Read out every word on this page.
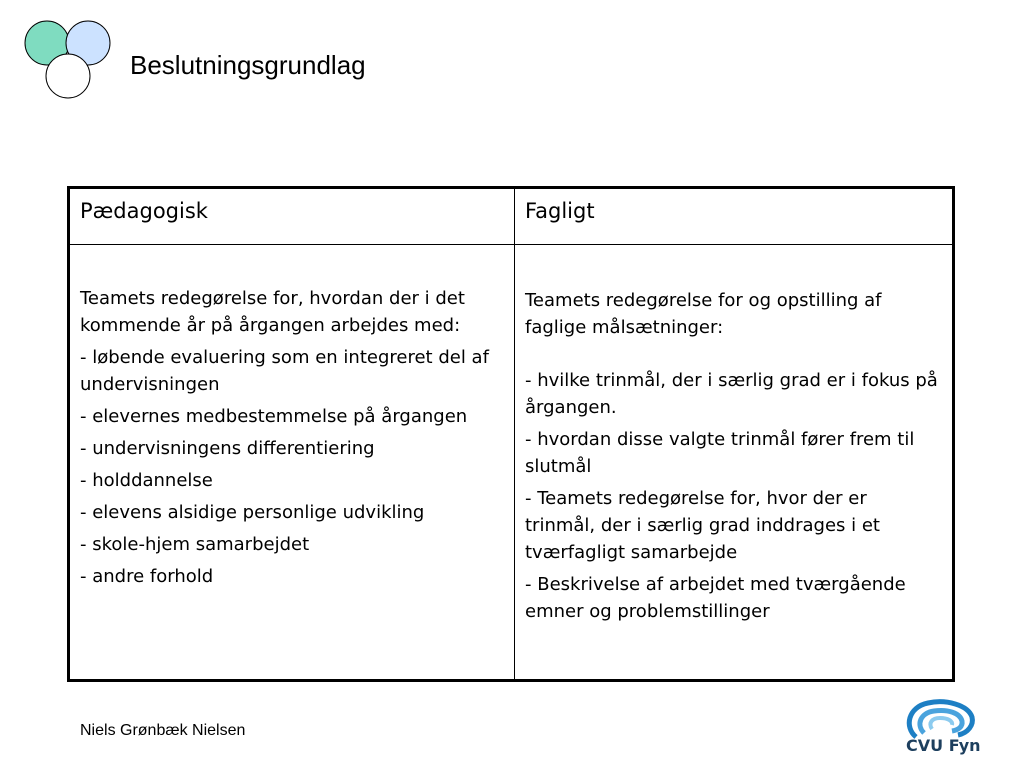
Beslutningsgrundlag
Pædagogisk	Fagligt

Teamets redegørelse for, hvordan der i det kommende år på årgangen arbejdes med:

- løbende evaluering som en integreret del af undervisningen

- elevernes medbestemmelse på årgangen

- undervisningens differentiering

- holddannelse

- elevens alsidige personlige udvikling

- skole-hjem samarbejdet

- andre forhold

Teamets redegørelse for og opstilling af faglige målsætninger:

- hvilke trinmål, der i særlig grad er i fokus på årgangen.

- hvordan disse valgte trinmål fører frem til slutmål

- Teamets redegørelse for, hvor der er trinmål, der i særlig grad inddrages i et tværfagligt samarbejde

- Beskrivelse af arbejdet med tværgående emner og problemstillinger

Niels Grønbæk Nielsen
CVU Fyn
